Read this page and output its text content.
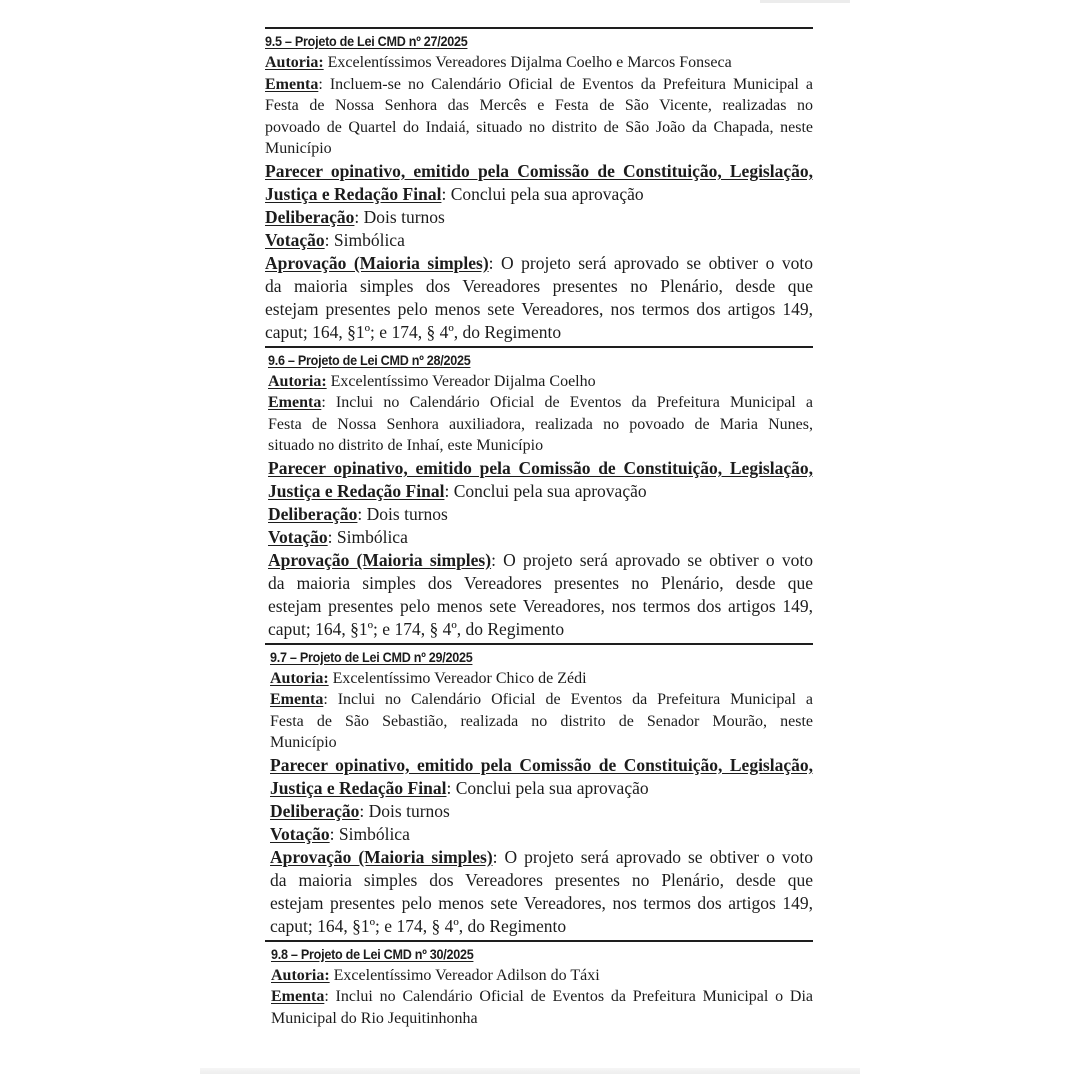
9.5 – Projeto de Lei CMD nº 27/2025
Autoria: Excelentíssimos Vereadores Dijalma Coelho e Marcos Fonseca
Ementa: Incluem-se no Calendário Oficial de Eventos da Prefeitura Municipal a
Festa de Nossa Senhora das Mercês e Festa de São Vicente, realizadas no
povoado de Quartel do Indaiá, situado no distrito de São João da Chapada, neste
Município
Parecer opinativo, emitido pela Comissão de Constituição, Legislação,
Justiça e Redação Final: Conclui pela sua aprovação
Deliberação: Dois turnos
Votação: Simbólica
Aprovação (Maioria simples): O projeto será aprovado se obtiver o voto
da maioria simples dos Vereadores presentes no Plenário, desde que
estejam presentes pelo menos sete Vereadores, nos termos dos artigos 149,
caput; 164, §1º; e 174, § 4º, do Regimento
9.6 – Projeto de Lei CMD nº 28/2025
Autoria: Excelentíssimo Vereador Dijalma Coelho
Ementa: Inclui no Calendário Oficial de Eventos da Prefeitura Municipal a
Festa de Nossa Senhora auxiliadora, realizada no povoado de Maria Nunes,
situado no distrito de Inhaí, este Município
Parecer opinativo, emitido pela Comissão de Constituição, Legislação,
Justiça e Redação Final: Conclui pela sua aprovação
Deliberação: Dois turnos
Votação: Simbólica
Aprovação (Maioria simples): O projeto será aprovado se obtiver o voto
da maioria simples dos Vereadores presentes no Plenário, desde que
estejam presentes pelo menos sete Vereadores, nos termos dos artigos 149,
caput; 164, §1º; e 174, § 4º, do Regimento
9.7 – Projeto de Lei CMD nº 29/2025
Autoria: Excelentíssimo Vereador Chico de Zédi
Ementa: Inclui no Calendário Oficial de Eventos da Prefeitura Municipal a
Festa de São Sebastião, realizada no distrito de Senador Mourão, neste
Município
Parecer opinativo, emitido pela Comissão de Constituição, Legislação,
Justiça e Redação Final: Conclui pela sua aprovação
Deliberação: Dois turnos
Votação: Simbólica
Aprovação (Maioria simples): O projeto será aprovado se obtiver o voto
da maioria simples dos Vereadores presentes no Plenário, desde que
estejam presentes pelo menos sete Vereadores, nos termos dos artigos 149,
caput; 164, §1º; e 174, § 4º, do Regimento
9.8 – Projeto de Lei CMD nº 30/2025
Autoria: Excelentíssimo Vereador Adilson do Táxi
Ementa: Inclui no Calendário Oficial de Eventos da Prefeitura Municipal o Dia
Municipal do Rio Jequitinhonha
